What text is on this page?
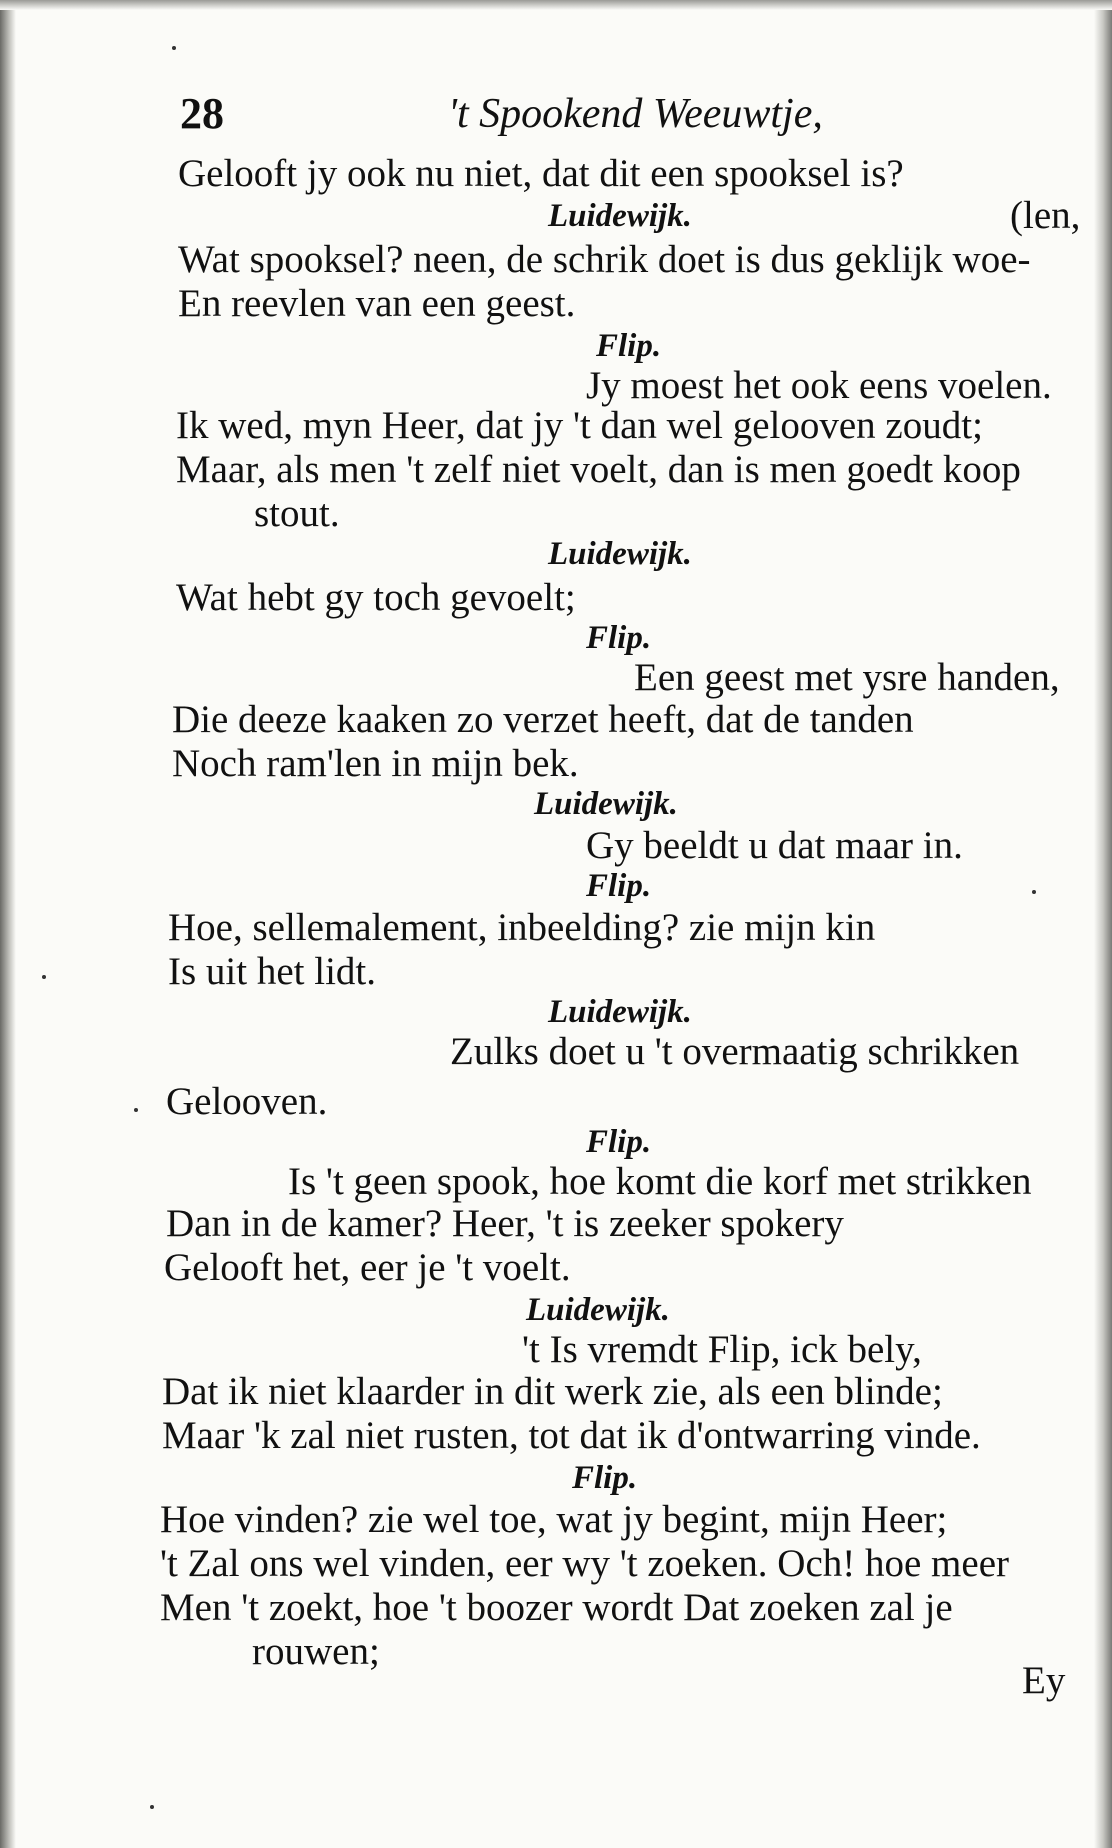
28	't Spookend Weeuwtje,
Gelooft jy ook nu niet, dat dit een spooksel is?
Luidewijk.	(len,
Wat spooksel? neen, de schrik doet is dus geklijk woe-
En reevlen van een geest.
Flip.
Jy moest het ook eens voelen.
Ik wed, myn Heer, dat jy 't dan wel gelooven zoudt;
Maar, als men 't zelf niet voelt, dan is men goedt koop
stout.
Luidewijk.
Wat hebt gy toch gevoelt;
Flip.
Een geest met ysre handen,
Die deeze kaaken zo verzet heeft, dat de tanden
Noch ram'len in mijn bek.
Luidewijk.
Gy beeldt u dat maar in.
Flip.
Hoe, sellemalement, inbeelding? zie mijn kin
Is uit het lidt.
Luidewijk.
Zulks doet u 't overmaatig schrikken
Gelooven.
Flip.
Is 't geen spook, hoe komt die korf met strikken
Dan in de kamer? Heer, 't is zeeker spokery
Gelooft het, eer je 't voelt.
Luidewijk.
't Is vremdt Flip, ick bely,
Dat ik niet klaarder in dit werk zie, als een blinde;
Maar 'k zal niet rusten, tot dat ik d'ontwarring vinde.
Flip.
Hoe vinden? zie wel toe, wat jy begint, mijn Heer;
't Zal ons wel vinden, eer wy 't zoeken. Och! hoe meer
Men 't zoekt, hoe 't boozer wordt Dat zoeken zal je
rouwen;
Ey
